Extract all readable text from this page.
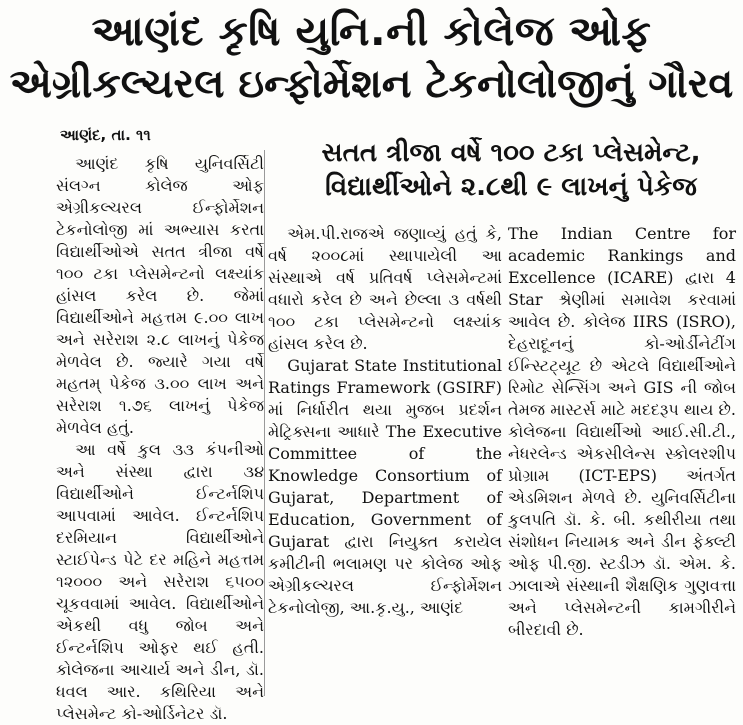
આણંદ કૃષિ યુનિ.ની કોલેજ ઓફ
એગ્રીકલ્ચરલ ઇન્ફોર્મેશન ટેકનોલોજીનું ગૌરવ
આણંદ, તા. ૧૧
સતત ત્રીજા વર્ષે ૧૦૦ ટકા પ્લેસમેન્ટ,
વિદ્યાર્થીઓને ૨.૮થી ૯ લાખનું પેકેજ

આણંદ કૃષિ યુનિવર્સિટી સંલગ્ન કોલેજ ઓફ એગ્રીકલ્ચરલ ઈન્ફોર્મેશન ટેકનોલોજી માં અભ્યાસ કરતા વિદ્યાર્થીઓએ સતત ત્રીજા વર્ષે ૧૦૦ ટકા પ્લેસમેન્ટનો લક્ષ્યાંક હાંસલ કરેલ છે. જેમાં વિદ્યાર્થીઓને મહત્તમ ૯.૦૦ લાખ અને સરેરાશ ૨.૮ લાખનું પેકેજ મેળવેલ છે. જ્યારે ગયા વર્ષે મહતમ્ પેકેજ ૩.૦૦ લાખ અને સરેરાશ ૧.૭૬ લાખનું પેકેજ મેળવેલ હતું.

આ વર્ષે કુલ ૩૩ કંપનીઓ અને સંસ્થા દ્વારા ૩૪ વિદ્યાર્થીઓને ઈન્ટર્નશિપ આપવામાં આવેલ. ઈન્ટર્નશિપ દરમિયાન વિદ્યાર્થીઓને સ્ટાઈપેન્ડ પેટે દર મહિને મહત્તમ ૧૨૦૦૦ અને સરેરાશ ૬૫૦૦ ચૂકવવામાં આવેલ. વિદ્યાર્થીઓને એકથી વધુ જોબ અને ઈન્ટર્નશિપ ઓફર થઈ હતી. કોલેજના આચાર્ય અને ડીન, ડૉ. ધવલ આર. કથિરિયા અને પ્લેસમેન્ટ કો-ઓર્ડિનેટર ડૉ.

એમ.પી.રાજએ જણાવ્યું હતું કે, વર્ષ ૨૦૦૮માં સ્થાપાયેલી આ સંસ્થાએ વર્ષ પ્રતિવર્ષ પ્લેસમેન્ટમાં વધારો કરેલ છે અને છેલ્લા ૩ વર્ષથી ૧૦૦ ટકા પ્લેસમેન્ટનો લક્ષ્યાંક હાંસલ કરેલ છે.

Gujarat State Institutional Ratings Framework (GSIRF) માં નિર્ધારીત થયા મુજબ પ્રદર્શન મેટ્રિક્સના આધારે The Executive Committee of the Knowledge Consortium of Gujarat, Department of Education, Government of Gujarat દ્વારા નિયુક્ત કરાયેલ કમીટીની ભલામણ પર કોલેજ ઓફ એગ્રીકલ્ચરલ ઈન્ફોર્મેશન ટેકનોલોજી, આ.કૃ.યુ., આણંદ

The Indian Centre for academic Rankings and Excellence (ICARE) દ્વારા 4 Star શ્રેણીમાં સમાવેશ કરવામાં આવેલ છે. કોલેજ IIRS (ISRO), દેહરાદૂનનું કો-ઓર્ડીનેટીંગ ઈન્સ્ટિટ્યૂટ છે એટલે વિદ્યાર્થીઓને રિમોટ સેન્સિંગ અને GIS ની જોબ તેમજ માસ્ટર્સ માટે મદદરૂપ થાય છે. કોલેજના વિદ્યાર્થીઓ આઈ.સી.ટી., નેધરલેન્ડ એકસીલેન્સ સ્કોલરશીપ પ્રોગ્રામ (ICT-EPS) અંતર્ગત એડમિશન મેળવે છે. યુનિવર્સિટીના કુલપતિ ડૉ. કે. બી. કથીરીયા તથા સંશોધન નિયામક અને ડીન ફેક્લ્ટી ઓફ પી.જી. સ્ટડીઝ ડૉ. એમ. કે. ઝાલાએ સંસ્થાની શૈક્ષણિક ગુણવત્તા અને પ્લેસમેન્ટની કામગીરીને બીરદાવી છે.
